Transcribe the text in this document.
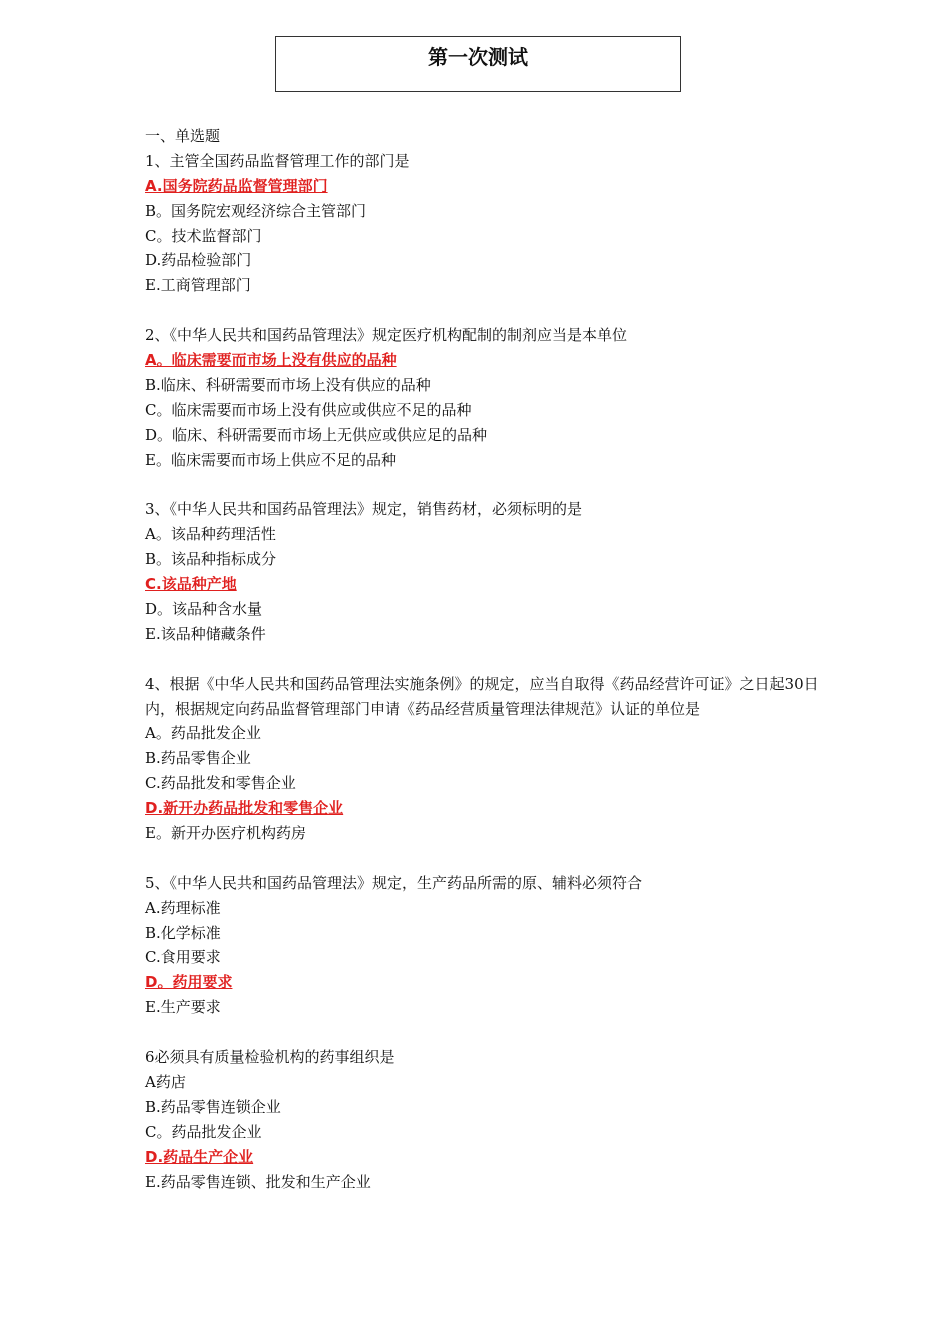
第一次测试
一、单选题
1、主管全国药品监督管理工作的部门是
A.国务院药品监督管理部门
B。国务院宏观经济综合主管部门
C。技术监督部门
D.药品检验部门
E.工商管理部门
2、《中华人民共和国药品管理法》规定医疗机构配制的制剂应当是本单位
A。临床需要而市场上没有供应的品种
B.临床、科研需要而市场上没有供应的品种
C。临床需要而市场上没有供应或供应不足的品种
D。临床、科研需要而市场上无供应或供应足的品种
E。临床需要而市场上供应不足的品种
3、《中华人民共和国药品管理法》规定，销售药材，必须标明的是
A。该品种药理活性
B。该品种指标成分
C.该品种产地
D。该品种含水量
E.该品种储藏条件
4、根据《中华人民共和国药品管理法实施条例》的规定，应当自取得《药品经营许可证》之日起30日内，根据规定向药品监督管理部门申请《药品经营质量管理法律规范》认证的单位是
A。药品批发企业
B.药品零售企业
C.药品批发和零售企业
D.新开办药品批发和零售企业
E。新开办医疗机构药房
5、《中华人民共和国药品管理法》规定，生产药品所需的原、辅料必须符合
A.药理标准
B.化学标准
C.食用要求
D。药用要求
E.生产要求
6必须具有质量检验机构的药事组织是
A药店
B.药品零售连锁企业
C。药品批发企业
D.药品生产企业
E.药品零售连锁、批发和生产企业
